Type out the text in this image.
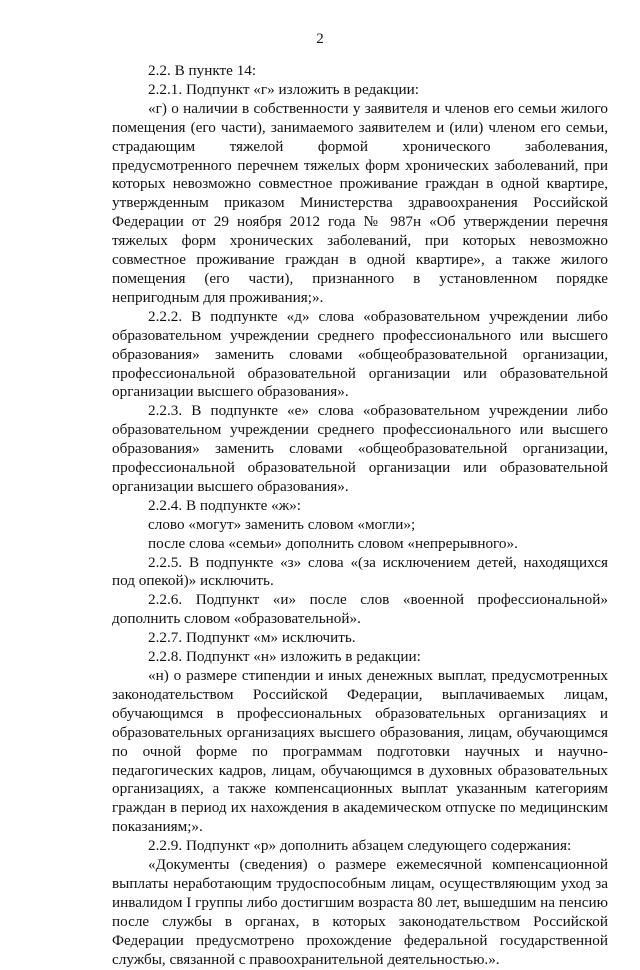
2

2.2. В пункте 14:

2.2.1. Подпункт «г» изложить в редакции:

«г) о наличии в собственности у заявителя и членов его семьи жилого помещения (его части), занимаемого заявителем и (или) членом его семьи, страдающим тяжелой формой хронического заболевания, предусмотренного перечнем тяжелых форм хронических заболеваний, при которых невозможно совместное проживание граждан в одной квартире, утвержденным приказом Министерства здравоохранения Российской Федерации от 29 ноября 2012 года № 987н «Об утверждении перечня тяжелых форм хронических заболеваний, при которых невозможно совместное проживание граждан в одной квартире», а также жилого помещения (его части), признанного в установленном порядке непригодным для проживания;».

2.2.2. В подпункте «д» слова «образовательном учреждении либо образовательном учреждении среднего профессионального или высшего образования» заменить словами «общеобразовательной организации, профессиональной образовательной организации или образовательной организации высшего образования».

2.2.3. В подпункте «е» слова «образовательном учреждении либо образовательном учреждении среднего профессионального или высшего образования» заменить словами «общеобразовательной организации, профессиональной образовательной организации или образовательной организации высшего образования».

2.2.4. В подпункте «ж»:

слово «могут» заменить словом «могли»;

после слова «семьи» дополнить словом «непрерывного».

2.2.5. В подпункте «з» слова «(за исключением детей, находящихся под опекой)» исключить.

2.2.6. Подпункт «и» после слов «военной профессиональной» дополнить словом «образовательной».

2.2.7. Подпункт «м» исключить.

2.2.8. Подпункт «н» изложить в редакции:

«н) о размере стипендии и иных денежных выплат, предусмотренных законодательством Российской Федерации, выплачиваемых лицам, обучающимся в профессиональных образовательных организациях и образовательных организациях высшего образования, лицам, обучающимся по очной форме по программам подготовки научных и научно-педагогических кадров, лицам, обучающимся в духовных образовательных организациях, а также компенсационных выплат указанным категориям граждан в период их нахождения в академическом отпуске по медицинским показаниям;».

2.2.9. Подпункт «р» дополнить абзацем следующего содержания:

«Документы (сведения) о размере ежемесячной компенсационной выплаты неработающим трудоспособным лицам, осуществляющим уход за инвалидом I группы либо достигшим возраста 80 лет, вышедшим на пенсию после службы в органах, в которых законодательством Российской Федерации предусмотрено прохождение федеральной государственной службы, связанной с правоохранительной деятельностью.».
